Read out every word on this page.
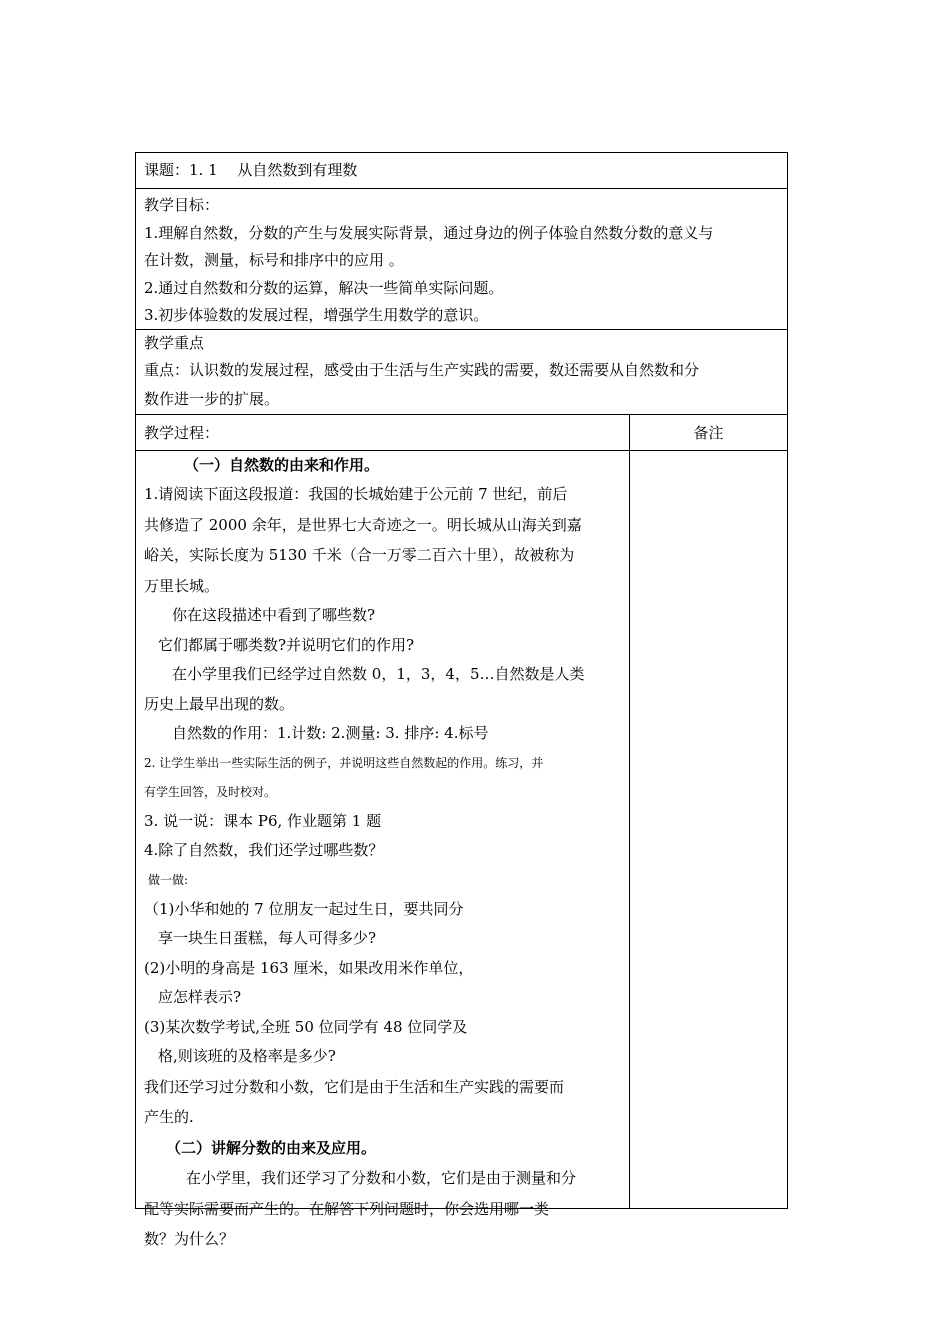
课题：1. 1　 从自然数到有理数
教学目标：
1.理解自然数，分数的产生与发展实际背景，通过身边的例子体验自然数分数的意义与
在计数，测量，标号和排序中的应用 。
2.通过自然数和分数的运算，解决一些简单实际问题。
3.初步体验数的发展过程，增强学生用数学的意识。
教学重点
重点：认识数的发展过程，感受由于生活与生产实践的需要，数还需要从自然数和分
数作进一步的扩展。
教学过程：	备注
（一）自然数的由来和作用。
1.请阅读下面这段报道：我国的长城始建于公元前 7 世纪，前后
共修造了 2000 余年，是世界七大奇迹之一。明长城从山海关到嘉
峪关，实际长度为 5130 千米（合一万零二百六十里），故被称为
万里长城。
你在这段描述中看到了哪些数?
它们都属于哪类数?并说明它们的作用?
在小学里我们已经学过自然数 0，1，3，4，5…自然数是人类
历史上最早出现的数。
自然数的作用：1.计数: 2.测量: 3. 排序: 4.标号
2. 让学生举出一些实际生活的例子，并说明这些自然数起的作用。练习，并
有学生回答，及时校对。
3. 说一说：课本 P6, 作业题第 1 题
4.除了自然数，我们还学过哪些数？
做一做:
（1)小华和她的 7 位朋友一起过生日，要共同分
享一块生日蛋糕，每人可得多少?
(2)小明的身高是 163 厘米，如果改用米作单位，
应怎样表示?
(3)某次数学考试,全班 50 位同学有 48 位同学及
格,则该班的及格率是多少?
我们还学习过分数和小数，它们是由于生活和生产实践的需要而
产生的.
（二）讲解分数的由来及应用。
在小学里，我们还学习了分数和小数，它们是由于测量和分
配等实际需要而产生的。在解答下列问题时，你会选用哪一类
数？为什么？
